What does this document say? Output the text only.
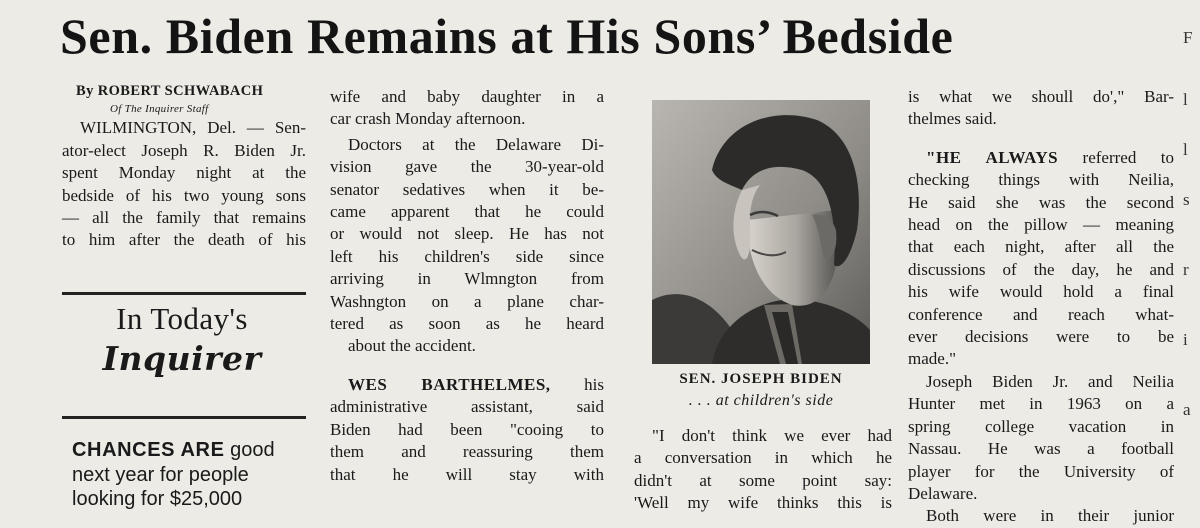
Sen. Biden Remains at His Sons’ Bedside
By ROBERT SCHWABACH
Of The Inquirer Staff
WILMINGTON, Del. — Sen-
ator-elect Joseph R. Biden Jr.
spent Monday night at the
bedside of his two young sons
— all the family that remains
to him after the death of his
In Today's
Inquirer
CHANCES ARE good
next year for people
looking for $25,000
wife and baby daughter in a
car crash Monday afternoon.
Doctors at the Delaware Di-
vision gave the 30-year-old
senator sedatives when it be-
came apparent that he could
or would not sleep. He has not
left his children's side since
arriving in Wlmngton from
Washngton on a plane char-
tered as soon as he heard
about the accident.
WES BARTHELMES, his
administrative assistant, said
Biden had been "cooing to
them and reassuring them
that he will stay with
SEN. JOSEPH BIDEN
. . . at children's side
"I don't think we ever had
a conversation in which he
didn't at some point say:
'Well my wife thinks this is
is what we shoull do'," Bar-
thelmes said.
"HE ALWAYS referred to
checking things with Neilia,
He said she was the second
head on the pillow — meaning
that each night, after all the
discussions of the day, he and
his wife would hold a final
conference and reach what-
ever decisions were to be
made."
Joseph Biden Jr. and Neilia
Hunter met in 1963 on a
spring college vacation in
Nassau. He was a football
player for the University of
Delaware.
Both were in their junior
F
l
l
s
r
i
a
